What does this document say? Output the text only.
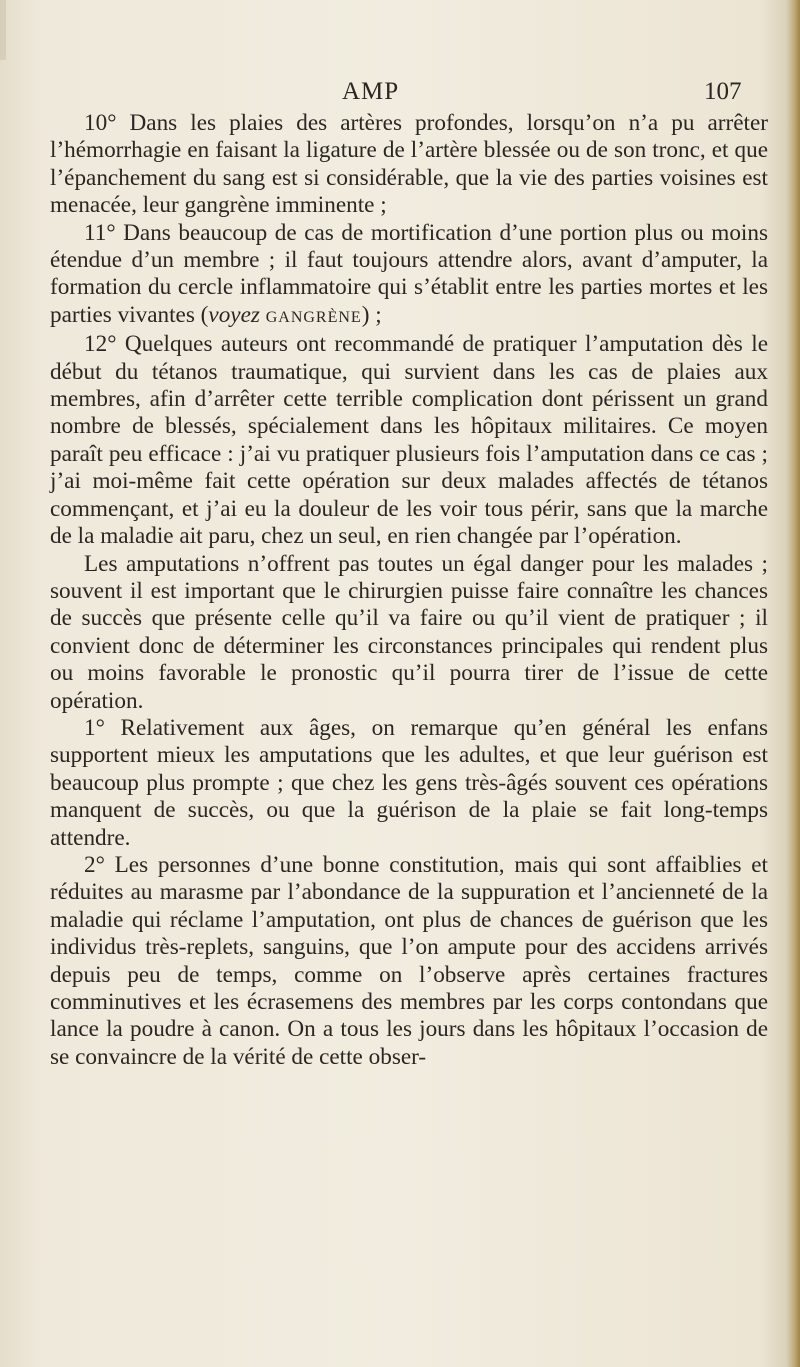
AMP	107

10° Dans les plaies des artères profondes, lorsqu’on n’a pu arrêter l’hémorrhagie en faisant la ligature de l’artère blessée ou de son tronc, et que l’épanchement du sang est si considérable, que la vie des parties voisines est menacée, leur gangrène imminente ;

11° Dans beaucoup de cas de mortification d’une portion plus ou moins étendue d’un membre ; il faut toujours attendre alors, avant d’amputer, la formation du cercle inflammatoire qui s’établit entre les parties mortes et les parties vivantes (voyez GANGRÈNE) ;

12° Quelques auteurs ont recommandé de pratiquer l’amputation dès le début du tétanos traumatique, qui survient dans les cas de plaies aux membres, afin d’arrêter cette terrible complication dont périssent un grand nombre de blessés, spécialement dans les hôpitaux militaires. Ce moyen paraît peu efficace : j’ai vu pratiquer plusieurs fois l’amputation dans ce cas ; j’ai moi-même fait cette opération sur deux malades affectés de tétanos commençant, et j’ai eu la douleur de les voir tous périr, sans que la marche de la maladie ait paru, chez un seul, en rien changée par l’opération.

Les amputations n’offrent pas toutes un égal danger pour les malades ; souvent il est important que le chirurgien puisse faire connaître les chances de succès que présente celle qu’il va faire ou qu’il vient de pratiquer ; il convient donc de déterminer les circonstances principales qui rendent plus ou moins favorable le pronostic qu’il pourra tirer de l’issue de cette opération.

1° Relativement aux âges, on remarque qu’en général les enfans supportent mieux les amputations que les adultes, et que leur guérison est beaucoup plus prompte ; que chez les gens très-âgés souvent ces opérations manquent de succès, ou que la guérison de la plaie se fait long-temps attendre.

2° Les personnes d’une bonne constitution, mais qui sont affaiblies et réduites au marasme par l’abondance de la suppuration et l’ancienneté de la maladie qui réclame l’amputation, ont plus de chances de guérison que les individus très-replets, sanguins, que l’on ampute pour des accidens arrivés depuis peu de temps, comme on l’observe après certaines fractures comminutives et les écrasemens des membres par les corps contondans que lance la poudre à canon. On a tous les jours dans les hôpitaux l’occasion de se convaincre de la vérité de cette obser-
